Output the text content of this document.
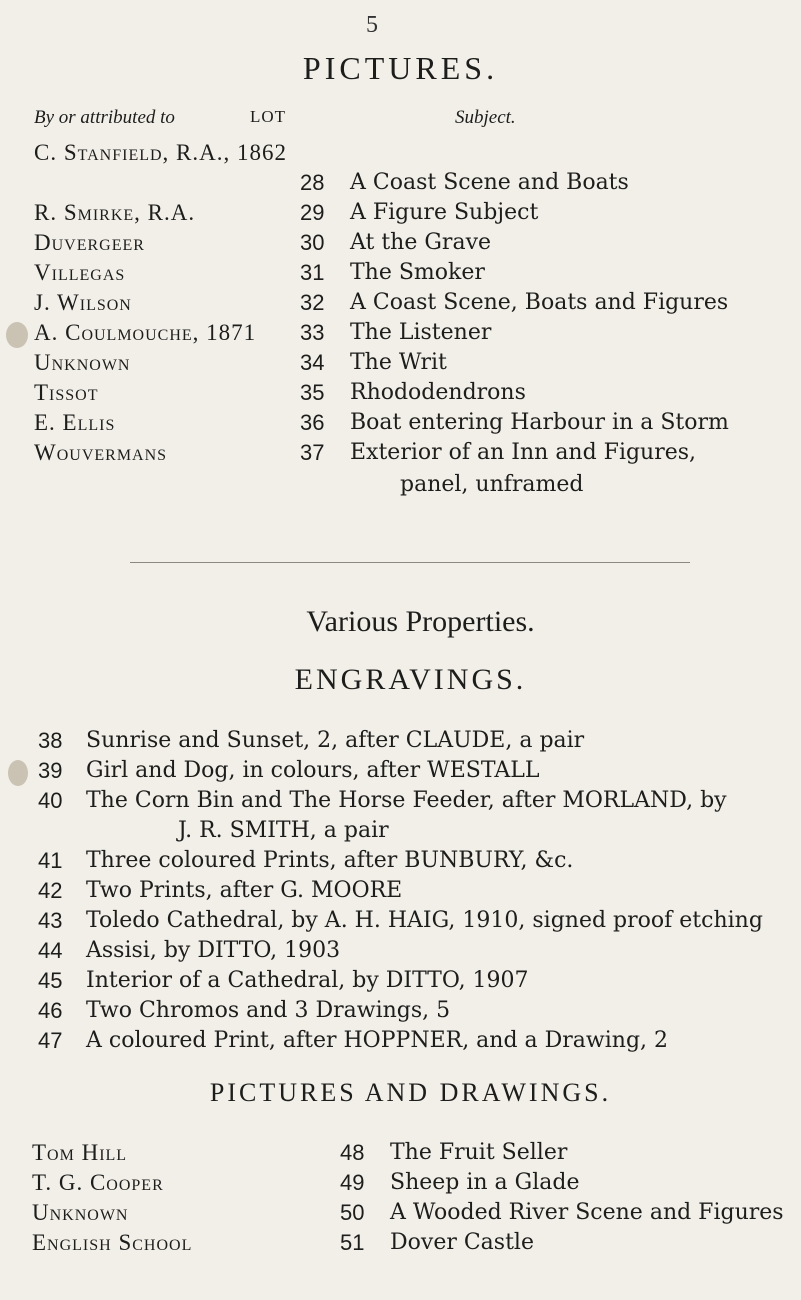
5
PICTURES.
By or attributed to	LOT	Subject.
C. Stanfield, R.A., 1862
28 A Coast Scene and Boats
R. Smirke, R.A.	29 A Figure Subject
Duvergeer	30 At the Grave
Villegas	31 The Smoker
J. Wilson	32 A Coast Scene, Boats and Figures
A. Coulmouche, 1871 33 The Listener
Unknown	34 The Writ
Tissot	35 Rhododendrons
E. Ellis	36 Boat entering Harbour in a Storm
Wouvermans	37 Exterior of an Inn and Figures,
panel, unframed
Various Properties.
ENGRAVINGS.
38 Sunrise and Sunset, 2, after CLAUDE, a pair
39 Girl and Dog, in colours, after WESTALL
40 The Corn Bin and The Horse Feeder, after MORLAND, by
J. R. SMITH, a pair
41 Three coloured Prints, after BUNBURY, &c.
42 Two Prints, after G. MOORE
43 Toledo Cathedral, by A. H. HAIG, 1910, signed proof etching
44 Assisi, by DITTO, 1903
45 Interior of a Cathedral, by DITTO, 1907
46 Two Chromos and 3 Drawings, 5
47 A coloured Print, after HOPPNER, and a Drawing, 2
PICTURES AND DRAWINGS.
Tom Hill	48 The Fruit Seller
T. G. Cooper	49 Sheep in a Glade
Unknown	50 A Wooded River Scene and Figures
English School	51 Dover Castle
